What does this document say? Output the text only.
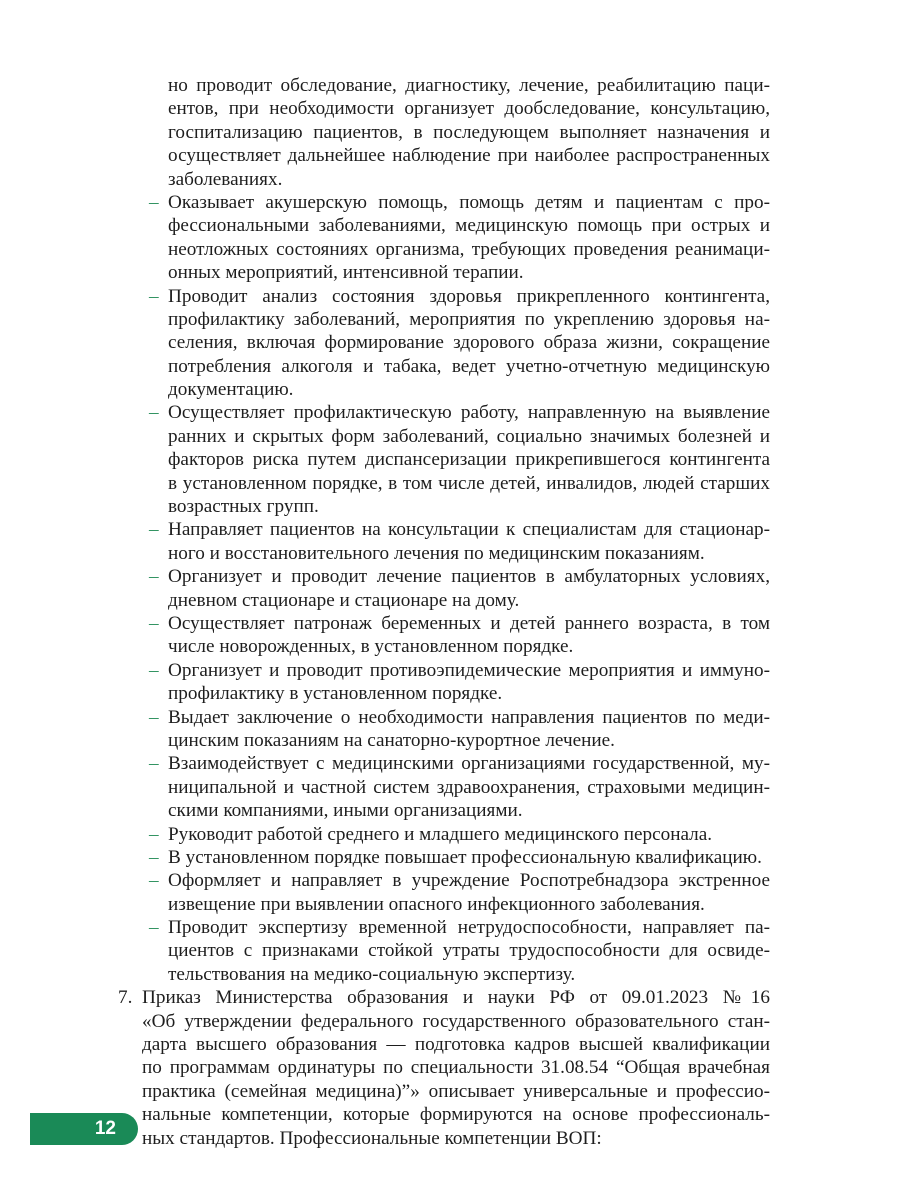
но проводит обследование, диагностику, лечение, реабилитацию паци-
ентов, при необходимости организует дообследование, консультацию,
госпитализацию пациентов, в последующем выполняет назначения и
осуществляет дальнейшее наблюдение при наиболее распространенных
заболеваниях.
– Оказывает акушерскую помощь, помощь детям и пациентам с про-
фессиональными заболеваниями, медицинскую помощь при острых и
неотложных состояниях организма, требующих проведения реанимаци-
онных мероприятий, интенсивной терапии.
– Проводит анализ состояния здоровья прикрепленного контингента,
профилактику заболеваний, мероприятия по укреплению здоровья на-
селения, включая формирование здорового образа жизни, сокращение
потребления алкоголя и табака, ведет учетно-отчетную медицинскую
документацию.
– Осуществляет профилактическую работу, направленную на выявление
ранних и скрытых форм заболеваний, социально значимых болезней и
факторов риска путем диспансеризации прикрепившегося контингента
в установленном порядке, в том числе детей, инвалидов, людей старших
возрастных групп.
– Направляет пациентов на консультации к специалистам для стационар-
ного и восстановительного лечения по медицинским показаниям.
– Организует и проводит лечение пациентов в амбулаторных условиях,
дневном стационаре и стационаре на дому.
– Осуществляет патронаж беременных и детей раннего возраста, в том
числе новорожденных, в установленном порядке.
– Организует и проводит противоэпидемические мероприятия и иммуно-
профилактику в установленном порядке.
– Выдает заключение о необходимости направления пациентов по меди-
цинским показаниям на санаторно-курортное лечение.
– Взаимодействует с медицинскими организациями государственной, му-
ниципальной и частной систем здравоохранения, страховыми медицин-
скими компаниями, иными организациями.
– Руководит работой среднего и младшего медицинского персонала.
– В установленном порядке повышает профессиональную квалификацию.
– Оформляет и направляет в учреждение Роспотребнадзора экстренное
извещение при выявлении опасного инфекционного заболевания.
– Проводит экспертизу временной нетрудоспособности, направляет па-
циентов с признаками стойкой утраты трудоспособности для освиде-
тельствования на медико-социальную экспертизу.
7. Приказ Министерства образования и науки РФ от 09.01.2023 №16
«Об утверждении федерального государственного образовательного стан-
дарта высшего образования — подготовка кадров высшей квалификации
по программам ординатуры по специальности 31.08.54 “Общая врачебная
практика (семейная медицина)”» описывает универсальные и профессио-
нальные компетенции, которые формируются на основе профессиональ-
ных стандартов. Профессиональные компетенции ВОП:
12
